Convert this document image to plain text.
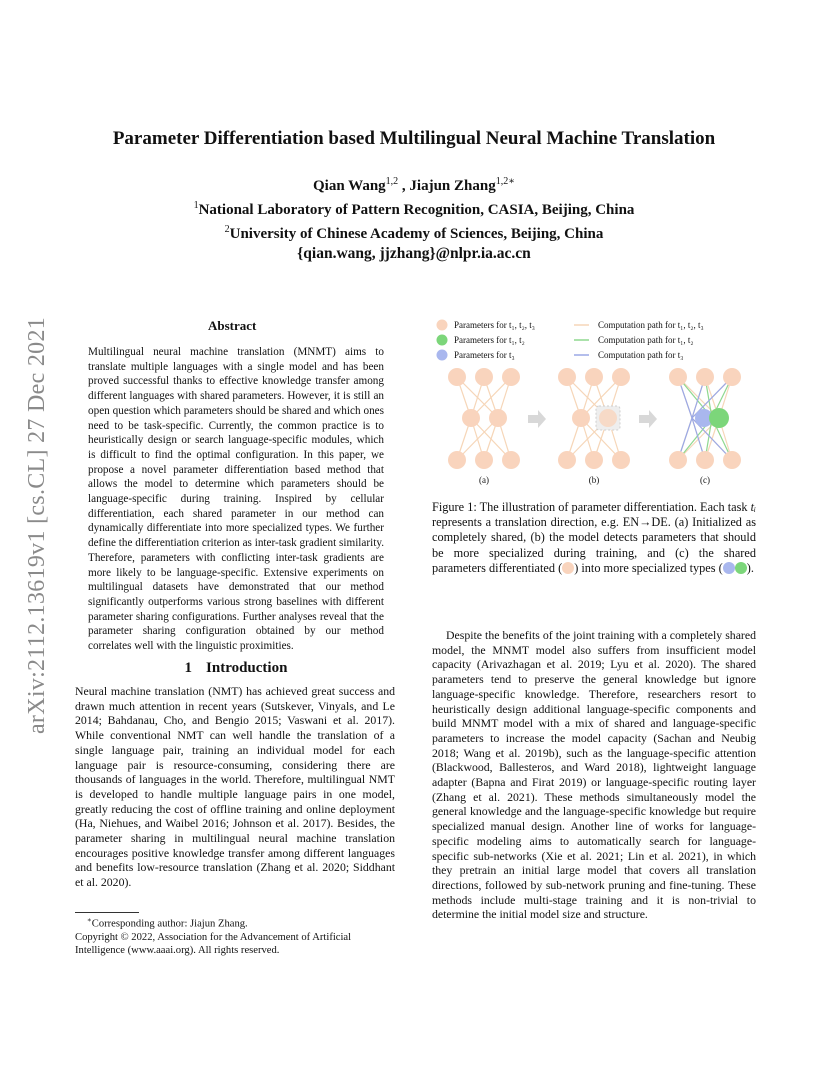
arXiv:2112.13619v1 [cs.CL] 27 Dec 2021
Parameter Differentiation based Multilingual Neural Machine Translation
Qian Wang$^{1,2}$ , Jiajun Zhang$^{1,2∗}$
$^1$National Laboratory of Pattern Recognition, CASIA, Beijing, China
$^2$University of Chinese Academy of Sciences, Beijing, China
{qian.wang, jjzhang}@nlpr.ia.ac.cn
Abstract
Multilingual neural machine translation (MNMT) aims to translate multiple languages with a single model and has been proved successful thanks to effective knowledge transfer among different languages with shared parameters. However, it is still an open question which parameters should be shared and which ones need to be task-specific. Currently, the common practice is to heuristically design or search language-specific modules, which is difficult to find the optimal configuration. In this paper, we propose a novel parameter differentiation based method that allows the model to determine which parameters should be language-specific during training. Inspired by cellular differentiation, each shared parameter in our method can dynamically differentiate into more specialized types. We further define the differentiation criterion as inter-task gradient similarity. Therefore, parameters with conflicting inter-task gradients are more likely to be language-specific. Extensive experiments on multilingual datasets have demonstrated that our method significantly outperforms various strong baselines with different parameter sharing configurations. Further analyses reveal that the parameter sharing configuration obtained by our method correlates well with the linguistic proximities.
1 Introduction
Neural machine translation (NMT) has achieved great success and drawn much attention in recent years (Sutskever, Vinyals, and Le 2014; Bahdanau, Cho, and Bengio 2015; Vaswani et al. 2017). While conventional NMT can well handle the translation of a single language pair, training an individual model for each language pair is resource-consuming, considering there are thousands of languages in the world. Therefore, multilingual NMT is developed to handle multiple language pairs in one model, greatly reducing the cost of offline training and online deployment (Ha, Niehues, and Waibel 2016; Johnson et al. 2017). Besides, the parameter sharing in multilingual neural machine translation encourages positive knowledge transfer among different languages and benefits low-resource translation (Zhang et al. 2020; Siddhant et al. 2020).
∗Corresponding author: Jiajun Zhang.
Copyright © 2022, Association for the Advancement of Artificial Intelligence (www.aaai.org). All rights reserved.
Parameters for t₁, t₂, t₃
Parameters for t₁, t₂
Parameters for t₃
Computation path for t₁, t₂, t₃
Computation path for t₁, t₂
Computation path for t₃
(a)	(b)	(c)
Figure 1: The illustration of parameter differentiation. Each task tᵢ represents a translation direction, e.g. EN→DE. (a) Initialized as completely shared, (b) the model detects parameters that should be more specialized during training, and (c) the shared parameters differentiated ( ) into more specialized types ( ).

Despite the benefits of the joint training with a completely shared model, the MNMT model also suffers from insufficient model capacity (Arivazhagan et al. 2019; Lyu et al. 2020). The shared parameters tend to preserve the general knowledge but ignore language-specific knowledge. Therefore, researchers resort to heuristically design additional language-specific components and build MNMT model with a mix of shared and language-specific parameters to increase the model capacity (Sachan and Neubig 2018; Wang et al. 2019b), such as the language-specific attention (Blackwood, Ballesteros, and Ward 2018), lightweight language adapter (Bapna and Firat 2019) or language-specific routing layer (Zhang et al. 2021). These methods simultaneously model the general knowledge and the language-specific knowledge but require specialized manual design. Another line of works for language-specific modeling aims to automatically search for language-specific sub-networks (Xie et al. 2021; Lin et al. 2021), in which they pretrain an initial large model that covers all translation directions, followed by sub-network pruning and fine-tuning. These methods include multi-stage training and it is non-trivial to determine the initial model size and structure.
